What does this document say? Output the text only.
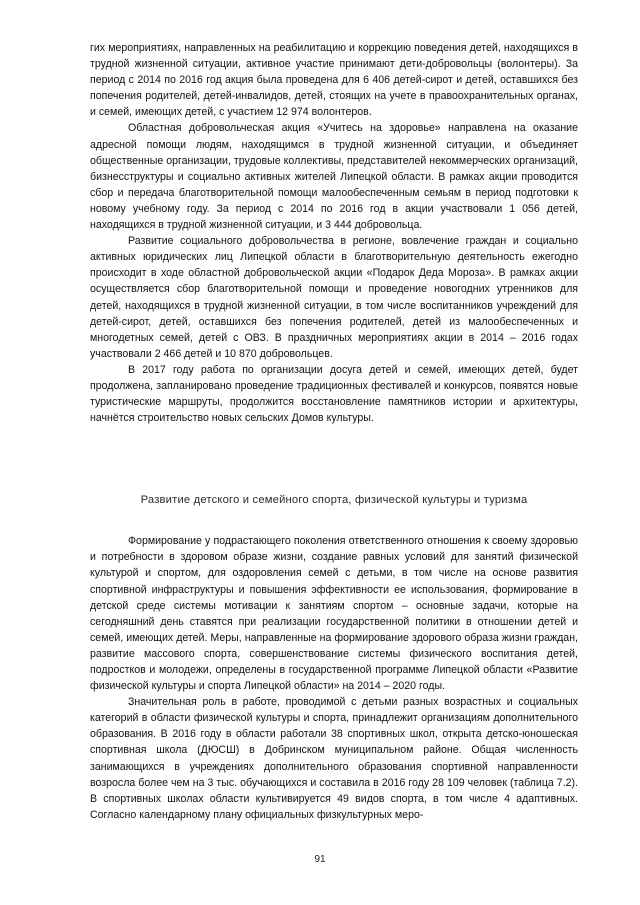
гих мероприятиях, направленных на реабилитацию и коррекцию поведения детей, находящихся в трудной жизненной ситуации, активное участие принимают дети-добровольцы (волонтеры). За период с 2014 по 2016 год акция была проведена для 6 406 детей-сирот и детей, оставшихся без попечения родителей, детей-инвалидов, детей, стоящих на учете в правоохранительных органах, и семей, имеющих детей, с участием 12 974 волонтеров.

Областная добровольческая акция «Учитесь на здоровье» направлена на оказание адресной помощи людям, находящимся в трудной жизненной ситуации, и объединяет общественные организации, трудовые коллективы, представителей некоммерческих организаций, бизнесструктуры и социально активных жителей Липецкой области. В рамках акции проводится сбор и передача благотворительной помощи малообеспеченным семьям в период подготовки к новому учебному году. За период с 2014 по 2016 год в акции участвовали 1 056 детей, находящихся в трудной жизненной ситуации, и 3 444 добровольца.

Развитие социального добровольчества в регионе, вовлечение граждан и социально активных юридических лиц Липецкой области в благотворительную деятельность ежегодно происходит в ходе областной добровольческой акции «Подарок Деда Мороза». В рамках акции осуществляется сбор благотворительной помощи и проведение новогодних утренников для детей, находящихся в трудной жизненной ситуации, в том числе воспитанников учреждений для детей-сирот, детей, оставшихся без попечения родителей, детей из малообеспеченных и многодетных семей, детей с ОВЗ. В праздничных мероприятиях акции в 2014 – 2016 годах участвовали 2 466 детей и 10 870 добровольцев.

В 2017 году работа по организации досуга детей и семей, имеющих детей, будет продолжена, запланировано проведение традиционных фестивалей и конкурсов, появятся новые туристические маршруты, продолжится восстановление памятников истории и архитектуры, начнётся строительство новых сельских Домов культуры.

Развитие детского и семейного спорта, физической культуры и туризма

Формирование у подрастающего поколения ответственного отношения к своему здоровью и потребности в здоровом образе жизни, создание равных условий для занятий физической культурой и спортом, для оздоровления семей с детьми, в том числе на основе развития спортивной инфраструктуры и повышения эффективности ее использования, формирование в детской среде системы мотивации к занятиям спортом – основные задачи, которые на сегодняшний день ставятся при реализации государственной политики в отношении детей и семей, имеющих детей. Меры, направленные на формирование здорового образа жизни граждан, развитие массового спорта, совершенствование системы физического воспитания детей, подростков и молодежи, определены в государственной программе Липецкой области «Развитие физической культуры и спорта Липецкой области» на 2014 – 2020 годы.

Значительная роль в работе, проводимой с детьми разных возрастных и социальных категорий в области физической культуры и спорта, принадлежит организациям дополнительного образования. В 2016 году в области работали 38 спортивных школ, открыта детско-юношеская спортивная школа (ДЮСШ) в Добринском муниципальном районе. Общая численность занимающихся в учреждениях дополнительного образования спортивной направленности возросла более чем на 3 тыс. обучающихся и составила в 2016 году 28 109 человек (таблица 7.2). В спортивных школах области культивируется 49 видов спорта, в том числе 4 адаптивных. Согласно календарному плану официальных физкультурных меро-

91
